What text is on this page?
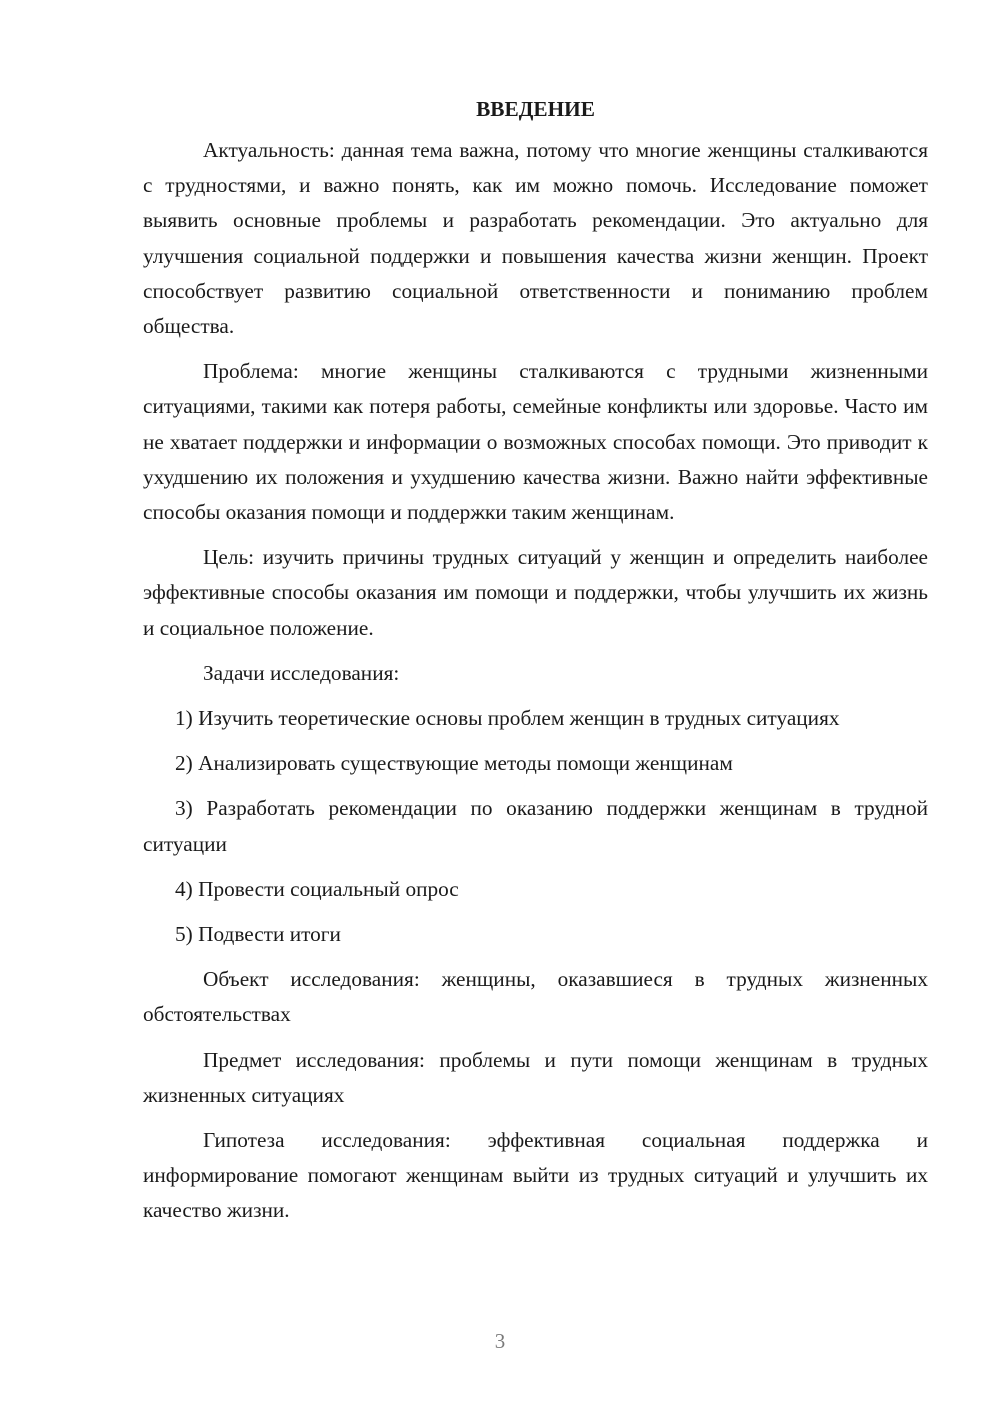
ВВЕДЕНИЕ

Актуальность: данная тема важна, потому что многие женщины сталкиваются с трудностями, и важно понять, как им можно помочь. Исследование поможет выявить основные проблемы и разработать рекомендации. Это актуально для улучшения социальной поддержки и повышения качества жизни женщин. Проект способствует развитию социальной ответственности и пониманию проблем общества.

Проблема: многие женщины сталкиваются с трудными жизненными ситуациями, такими как потеря работы, семейные конфликты или здоровье. Часто им не хватает поддержки и информации о возможных способах помощи. Это приводит к ухудшению их положения и ухудшению качества жизни. Важно найти эффективные способы оказания помощи и поддержки таким женщинам.

Цель: изучить причины трудных ситуаций у женщин и определить наиболее эффективные способы оказания им помощи и поддержки, чтобы улучшить их жизнь и социальное положение.

Задачи исследования:

1) Изучить теоретические основы проблем женщин в трудных ситуациях

2) Анализировать существующие методы помощи женщинам

3) Разработать рекомендации по оказанию поддержки женщинам в трудной ситуации

4) Провести социальный опрос

5) Подвести итоги

Объект исследования: женщины, оказавшиеся в трудных жизненных обстоятельствах

Предмет исследования: проблемы и пути помощи женщинам в трудных жизненных ситуациях

Гипотеза исследования: эффективная социальная поддержка и информирование помогают женщинам выйти из трудных ситуаций и улучшить их качество жизни.

3
